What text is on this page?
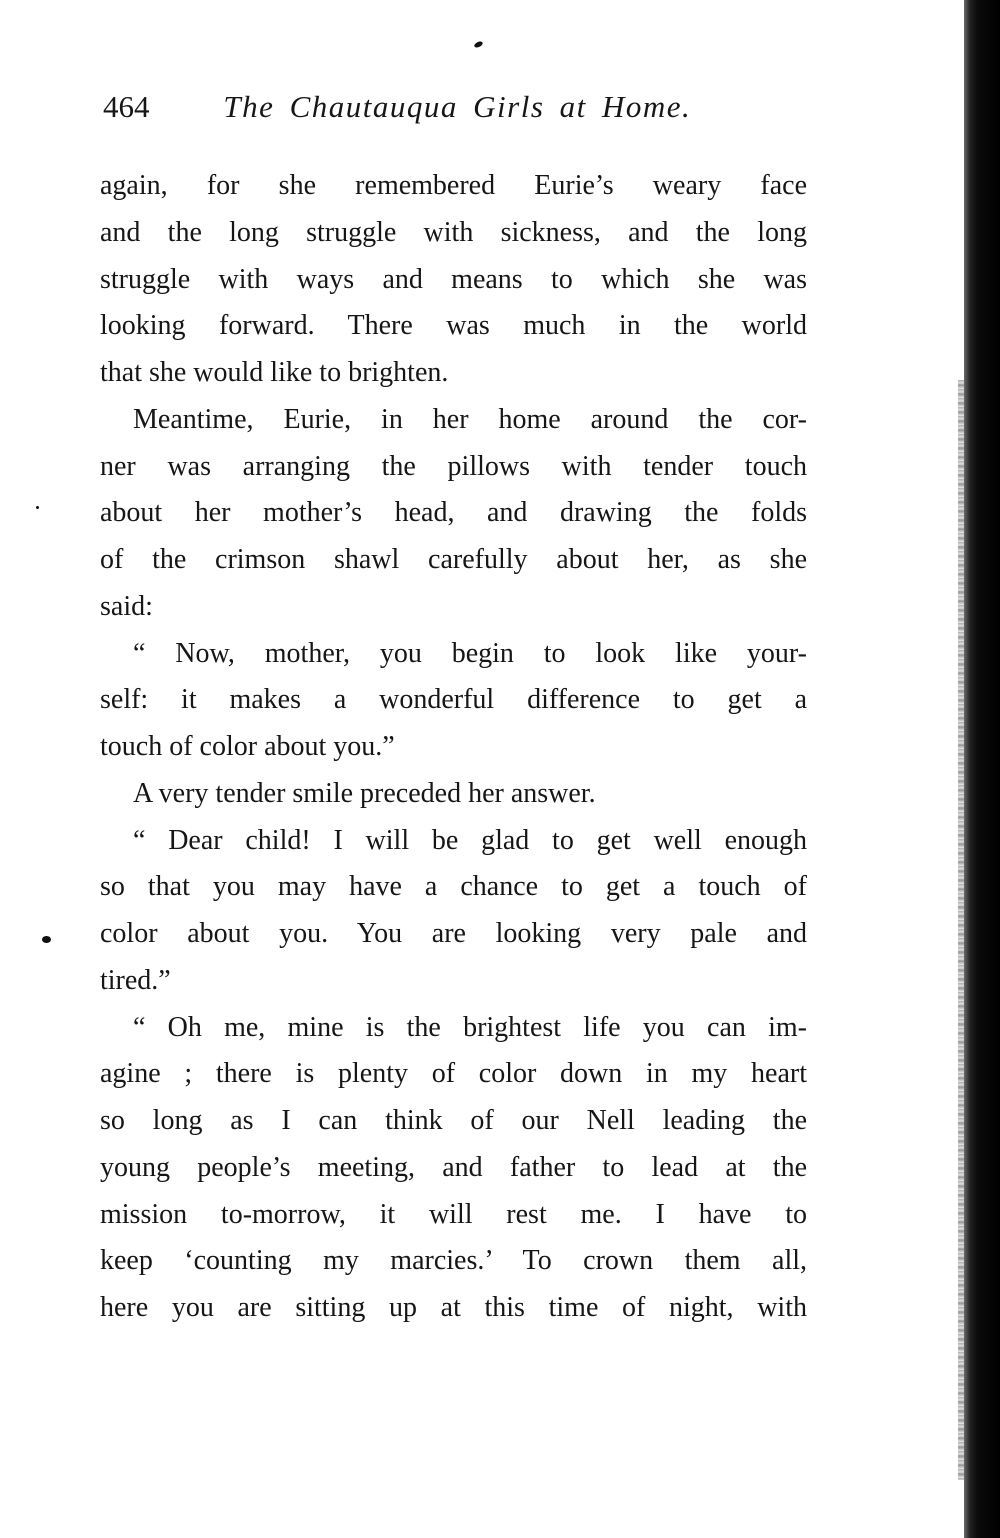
464 The Chautauqua Girls at Home.
again, for she remembered Eurie’s weary face
and the long struggle with sickness, and the long
struggle with ways and means to which she was
looking forward. There was much in the world
that she would like to brighten.
Meantime, Eurie, in her home around the cor-
ner was arranging the pillows with tender touch
about her mother’s head, and drawing the folds
of the crimson shawl carefully about her, as she
said:
“ Now, mother, you begin to look like your-
self: it makes a wonderful difference to get a
touch of color about you.”
A very tender smile preceded her answer.
“ Dear child! I will be glad to get well enough
so that you may have a chance to get a touch of
color about you. You are looking very pale and
tired.”
“ Oh me, mine is the brightest life you can im-
agine ; there is plenty of color down in my heart
so long as I can think of our Nell leading the
young people’s meeting, and father to lead at the
mission to-morrow, it will rest me. I have to
keep ‘counting my marcies.’ To crown them all,
here you are sitting up at this time of night, with
